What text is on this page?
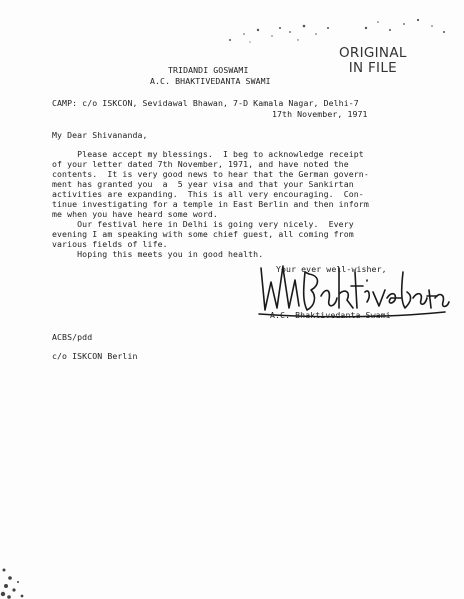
ORIGINAL
IN FILE
TRIDANDI GOSWAMI
A.C. BHAKTIVEDANTA SWAMI
CAMP: c/o ISKCON, Sevidawal Bhawan, 7-D Kamala Nagar, Delhi-7
17th November, 1971
My Dear Shivananda,
Please accept my blessings.  I beg to acknowledge receipt
of your letter dated 7th November, 1971, and have noted the
contents.  It is very good news to hear that the German govern-
ment has granted you  a  5 year visa and that your Sankirtan
activities are expanding.  This is all very encouraging.  Con-
tinue investigating for a temple in East Berlin and then inform
me when you have heard some word.
Our festival here in Delhi is going very nicely.  Every
evening I am speaking with some chief guest, all coming from
various fields of life.
Hoping this meets you in good health.
Your ever well-wisher,
A.C. Bhaktivedanta Swami
ACBS/pdd
c/o ISKCON Berlin
